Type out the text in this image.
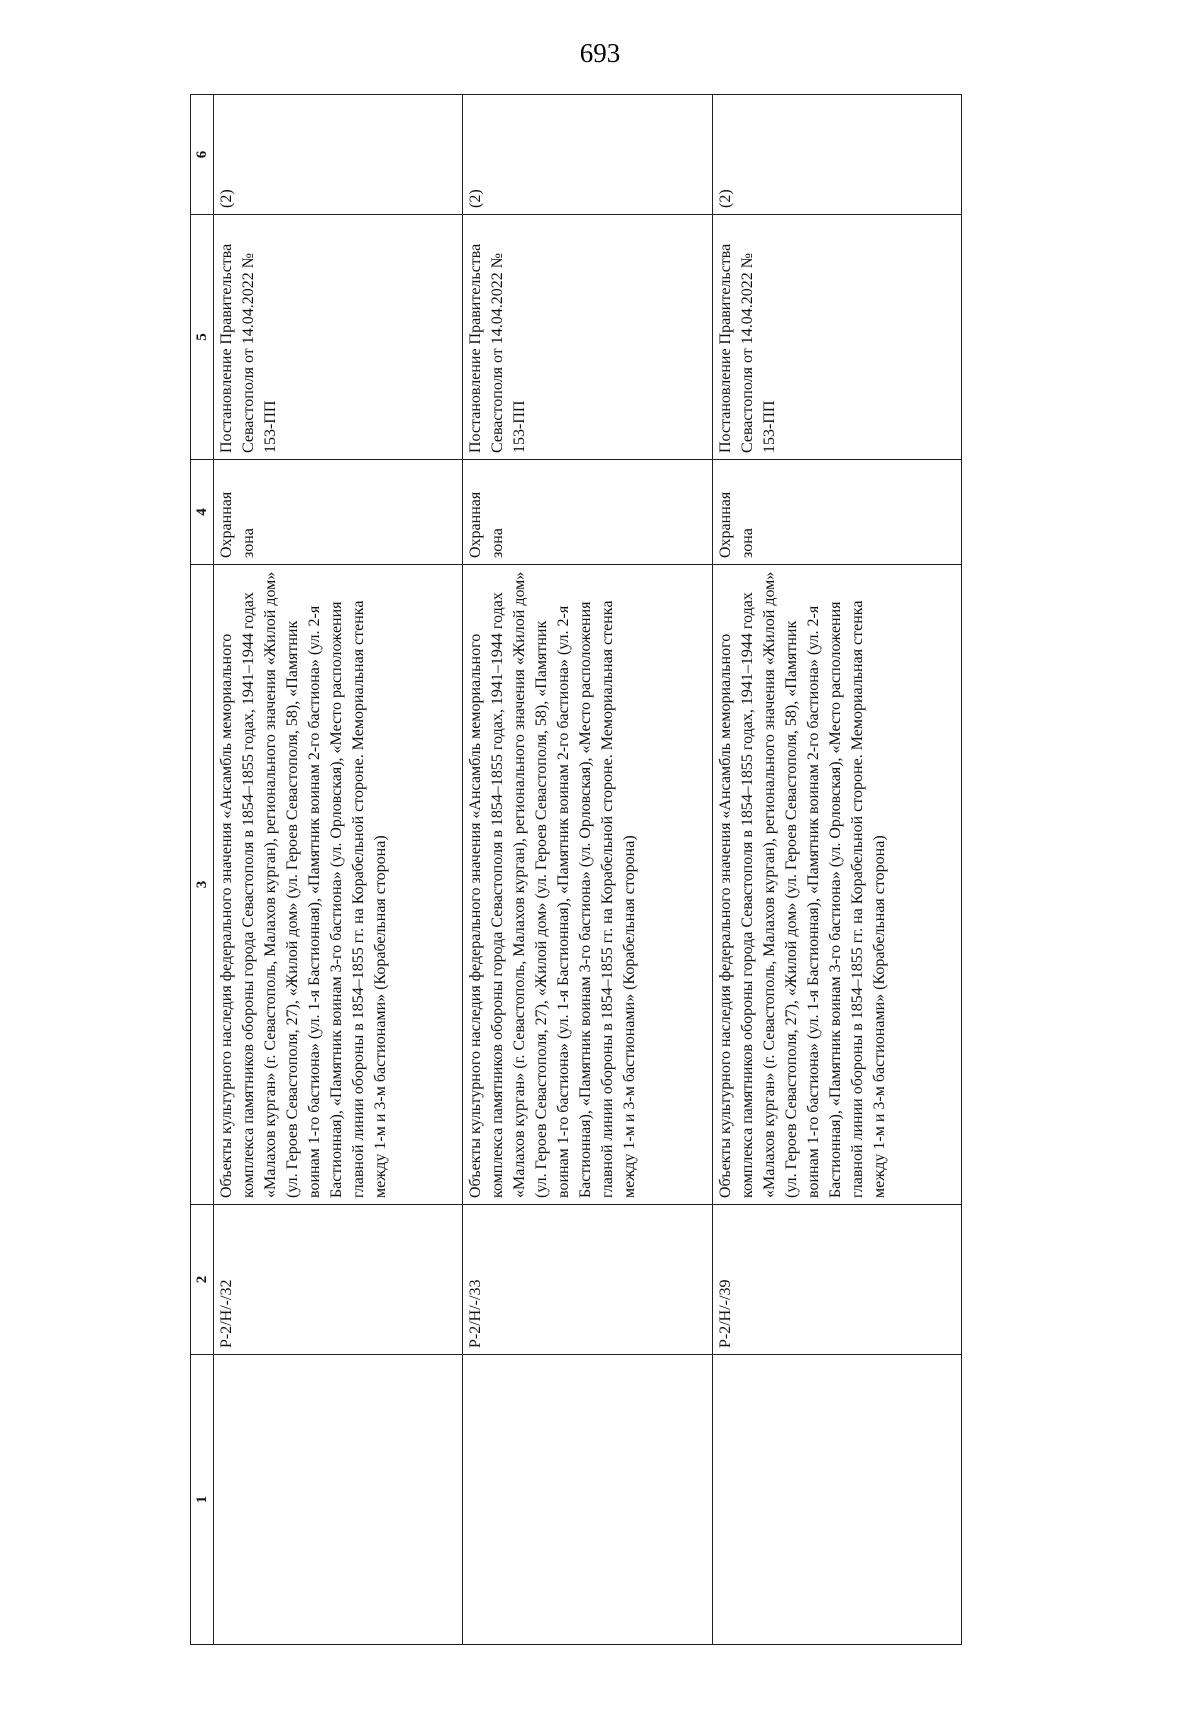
693
1	2	3	4	5	6
	Р-2/Н/-/32	Объекты культурного наследия федерального значения «Ансамбль мемориального комплекса памятников обороны города Севастополя в 1854–1855 годах, 1941–1944 годах «Малахов курган» (г. Севастополь, Малахов курган), регионального значения «Жилой дом» (ул. Героев Севастополя, 27), «Жилой дом» (ул. Героев Севастополя, 58), «Памятник воинам 1-го бастиона» (ул. 1-я Бастионная), «Памятник воинам 2-го бастиона» (ул. 2-я Бастионная), «Памятник воинам 3-го бастиона» (ул. Орловская), «Место расположения главной линии обороны в 1854–1855 гг. на Корабельной стороне. Мемориальная стенка между 1-м и 3-м бастионами» (Корабельная сторона)	Охранная зона	Постановление Правительства Севастополя от 14.04.2022 № 153-ПП	(2)
	Р-2/Н/-/33	Объекты культурного наследия федерального значения «Ансамбль мемориального комплекса памятников обороны города Севастополя в 1854–1855 годах, 1941–1944 годах «Малахов курган» (г. Севастополь, Малахов курган), регионального значения «Жилой дом» (ул. Героев Севастополя, 27), «Жилой дом» (ул. Героев Севастополя, 58), «Памятник воинам 1-го бастиона» (ул. 1-я Бастионная), «Памятник воинам 2-го бастиона» (ул. 2-я Бастионная), «Памятник воинам 3-го бастиона» (ул. Орловская), «Место расположения главной линии обороны в 1854–1855 гг. на Корабельной стороне. Мемориальная стенка между 1-м и 3-м бастионами» (Корабельная сторона)	Охранная зона	Постановление Правительства Севастополя от 14.04.2022 № 153-ПП	(2)
	Р-2/Н/-/39	Объекты культурного наследия федерального значения «Ансамбль мемориального комплекса памятников обороны города Севастополя в 1854–1855 годах, 1941–1944 годах «Малахов курган» (г. Севастополь, Малахов курган), регионального значения «Жилой дом» (ул. Героев Севастополя, 27), «Жилой дом» (ул. Героев Севастополя, 58), «Памятник воинам 1-го бастиона» (ул. 1-я Бастионная), «Памятник воинам 2-го бастиона» (ул. 2-я Бастионная), «Памятник воинам 3-го бастиона» (ул. Орловская), «Место расположения главной линии обороны в 1854–1855 гг. на Корабельной стороне. Мемориальная стенка между 1-м и 3-м бастионами» (Корабельная сторона)	Охранная зона	Постановление Правительства Севастополя от 14.04.2022 № 153-ПП	(2)
